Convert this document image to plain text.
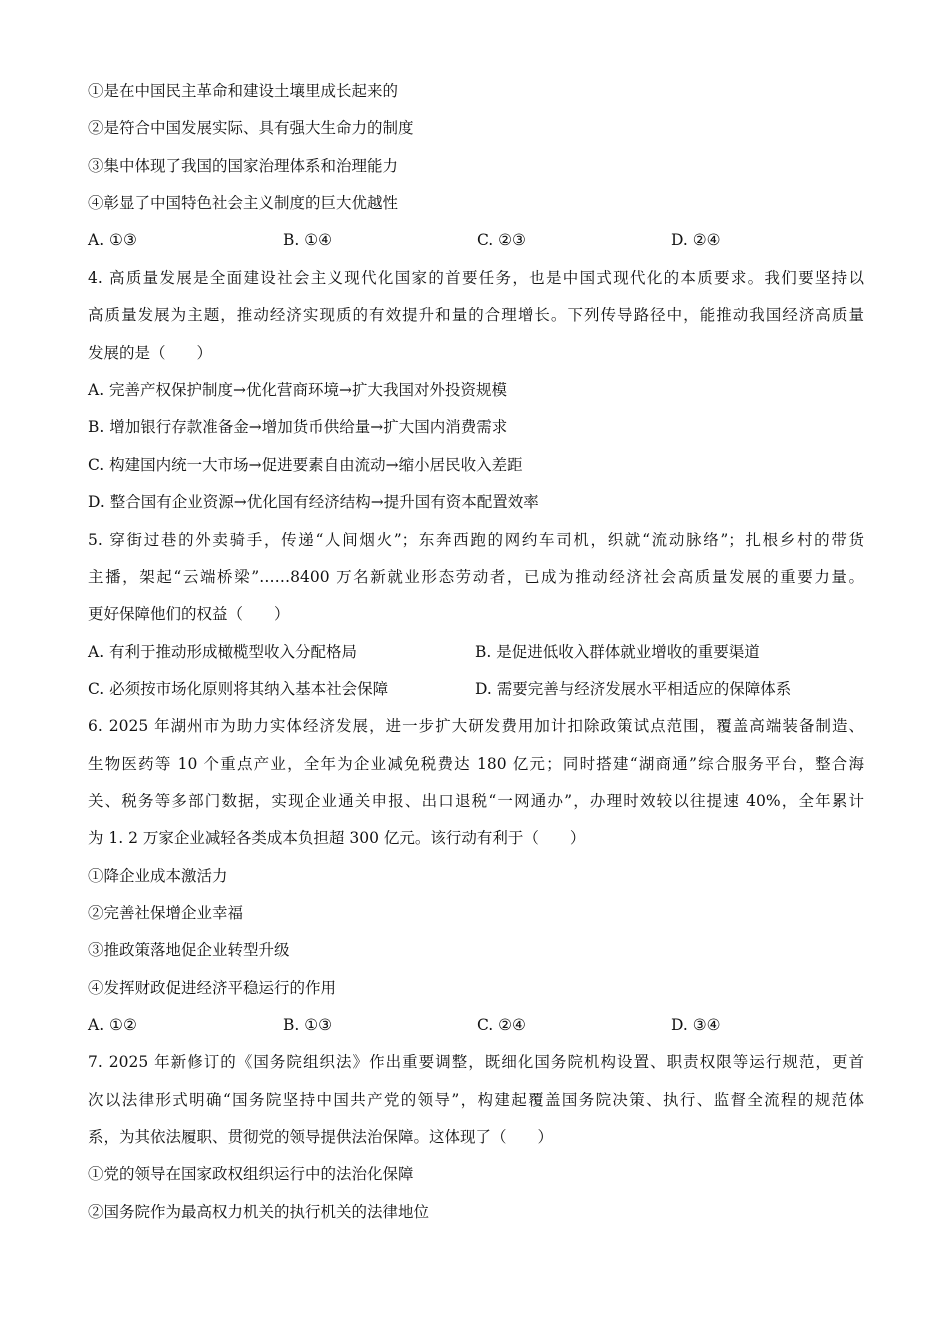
①是在中国民主革命和建设土壤里成长起来的
②是符合中国发展实际、具有强大生命力的制度
③集中体现了我国的国家治理体系和治理能力
④彰显了中国特色社会主义制度的巨大优越性
A. ①③	B. ①④	C. ②③	D. ②④
4. 高质量发展是全面建设社会主义现代化国家的首要任务，也是中国式现代化的本质要求。我们要坚持以
高质量发展为主题，推动经济实现质的有效提升和量的合理增长。下列传导路径中，能推动我国经济高质量
发展的是（　　）
A. 完善产权保护制度→优化营商环境→扩大我国对外投资规模
B. 增加银行存款准备金→增加货币供给量→扩大国内消费需求
C. 构建国内统一大市场→促进要素自由流动→缩小居民收入差距
D. 整合国有企业资源→优化国有经济结构→提升国有资本配置效率
5. 穿街过巷的外卖骑手，传递“人间烟火”；东奔西跑的网约车司机，织就“流动脉络”；扎根乡村的带货
主播，架起“云端桥梁”……8400 万名新就业形态劳动者，已成为推动经济社会高质量发展的重要力量。
更好保障他们的权益（　　）
A. 有利于推动形成橄榄型收入分配格局	B. 是促进低收入群体就业增收的重要渠道
C. 必须按市场化原则将其纳入基本社会保障	D. 需要完善与经济发展水平相适应的保障体系
6. 2025 年湖州市为助力实体经济发展，进一步扩大研发费用加计扣除政策试点范围，覆盖高端装备制造、
生物医药等 10 个重点产业，全年为企业减免税费达 180 亿元；同时搭建“湖商通”综合服务平台，整合海
关、税务等多部门数据，实现企业通关申报、出口退税“一网通办”，办理时效较以往提速 40%，全年累计
为 1. 2 万家企业减轻各类成本负担超 300 亿元。该行动有利于（　　）
①降企业成本激活力
②完善社保增企业幸福
③推政策落地促企业转型升级
④发挥财政促进经济平稳运行的作用
A. ①②	B. ①③	C. ②④	D. ③④
7. 2025 年新修订的《国务院组织法》作出重要调整，既细化国务院机构设置、职责权限等运行规范，更首
次以法律形式明确“国务院坚持中国共产党的领导”，构建起覆盖国务院决策、执行、监督全流程的规范体
系，为其依法履职、贯彻党的领导提供法治保障。这体现了（　　）
①党的领导在国家政权组织运行中的法治化保障
②国务院作为最高权力机关的执行机关的法律地位
